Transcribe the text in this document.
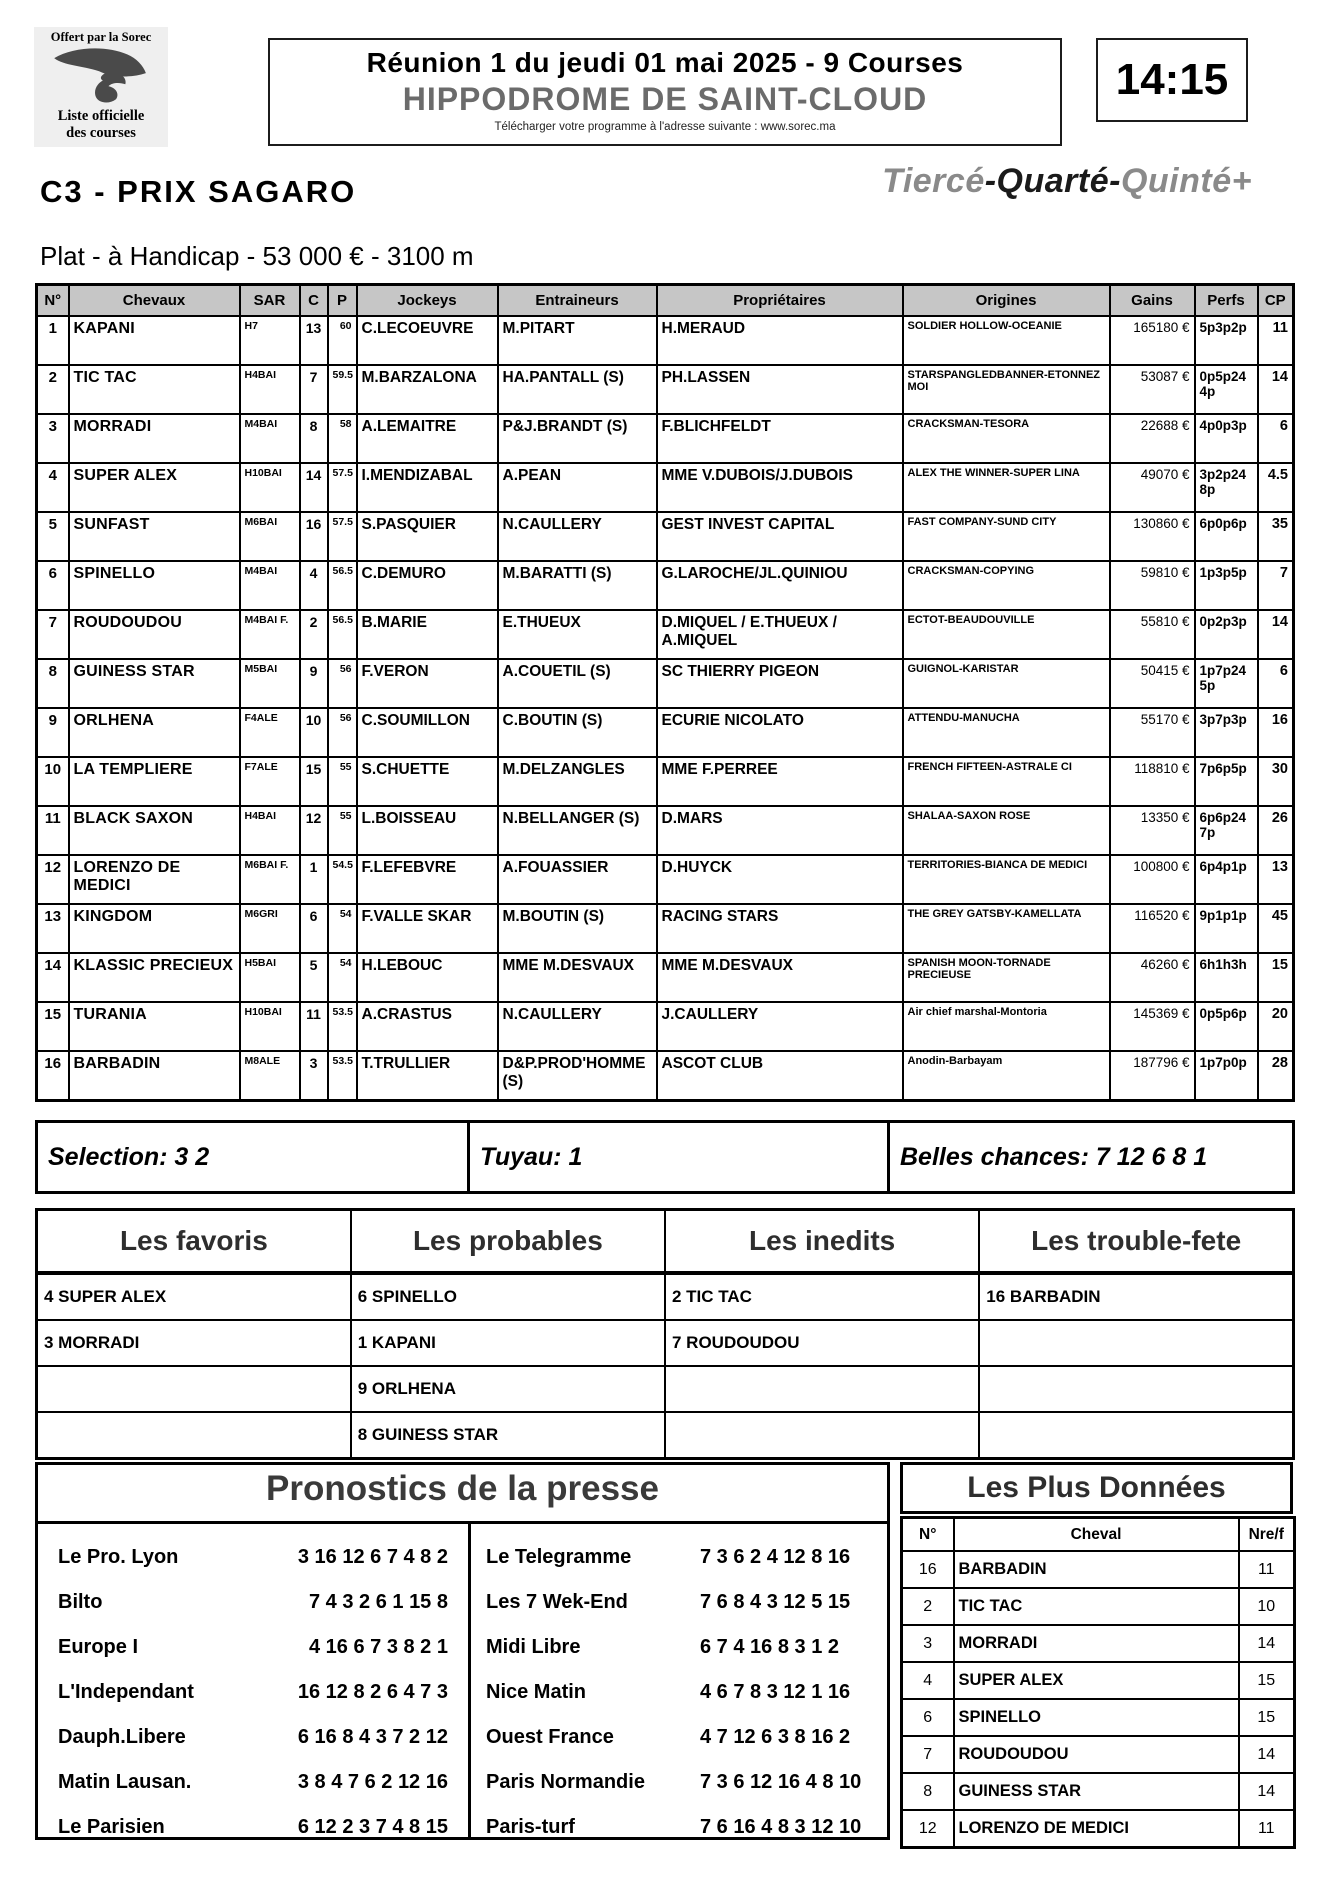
Offert par la Sorec
Liste officielle
des courses
Réunion 1 du jeudi 01 mai 2025 - 9 Courses
HIPPODROME DE SAINT-CLOUD
Télécharger votre programme à l'adresse suivante : www.sorec.ma
14:15
C3 - PRIX SAGARO	Tiercé-Quarté-Quinté+
Plat - à Handicap - 53 000 € - 3100 m
N°	Chevaux	SAR	C	P	Jockeys	Entraineurs	Propriétaires	Origines	Gains	Perfs	CP
1	KAPANI	H7	13	60	C.LECOEUVRE	M.PITART	H.MERAUD	SOLDIER HOLLOW-OCEANIE	165180 €	5p3p2p	11
2	TIC TAC	H4BAI	7	59.5	M.BARZALONA	HA.PANTALL (S)	PH.LASSEN	STARSPANGLEDBANNER-ETONNEZ MOI	53087 €	0p5p244p	14
3	MORRADI	M4BAI	8	58	A.LEMAITRE	P&J.BRANDT (S)	F.BLICHFELDT	CRACKSMAN-TESORA	22688 €	4p0p3p	6
4	SUPER ALEX	H10BAI	14	57.5	I.MENDIZABAL	A.PEAN	MME V.DUBOIS/J.DUBOIS	ALEX THE WINNER-SUPER LINA	49070 €	3p2p248p	4.5
5	SUNFAST	M6BAI	16	57.5	S.PASQUIER	N.CAULLERY	GEST INVEST CAPITAL	FAST COMPANY-SUND CITY	130860 €	6p0p6p	35
6	SPINELLO	M4BAI	4	56.5	C.DEMURO	M.BARATTI (S)	G.LAROCHE/JL.QUINIOU	CRACKSMAN-COPYING	59810 €	1p3p5p	7
7	ROUDOUDOU	M4BAI F.	2	56.5	B.MARIE	E.THUEUX	D.MIQUEL / E.THUEUX / A.MIQUEL	ECTOT-BEAUDOUVILLE	55810 €	0p2p3p	14
8	GUINESS STAR	M5BAI	9	56	F.VERON	A.COUETIL (S)	SC THIERRY PIGEON	GUIGNOL-KARISTAR	50415 €	1p7p245p	6
9	ORLHENA	F4ALE	10	56	C.SOUMILLON	C.BOUTIN (S)	ECURIE NICOLATO	ATTENDU-MANUCHA	55170 €	3p7p3p	16
10	LA TEMPLIERE	F7ALE	15	55	S.CHUETTE	M.DELZANGLES	MME F.PERREE	FRENCH FIFTEEN-ASTRALE CI	118810 €	7p6p5p	30
11	BLACK SAXON	H4BAI	12	55	L.BOISSEAU	N.BELLANGER (S)	D.MARS	SHALAA-SAXON ROSE	13350 €	6p6p247p	26
12	LORENZO DE MEDICI	M6BAI F.	1	54.5	F.LEFEBVRE	A.FOUASSIER	D.HUYCK	TERRITORIES-BIANCA DE MEDICI	100800 €	6p4p1p	13
13	KINGDOM	M6GRI	6	54	F.VALLE SKAR	M.BOUTIN (S)	RACING STARS	THE GREY GATSBY-KAMELLATA	116520 €	9p1p1p	45
14	KLASSIC PRECIEUX	H5BAI	5	54	H.LEBOUC	MME M.DESVAUX	MME M.DESVAUX	SPANISH MOON-TORNADE PRECIEUSE	46260 €	6h1h3h	15
15	TURANIA	H10BAI	11	53.5	A.CRASTUS	N.CAULLERY	J.CAULLERY	Air chief marshal-Montoria	145369 €	0p5p6p	20
16	BARBADIN	M8ALE	3	53.5	T.TRULLIER	D&P.PROD'HOMME (S)	ASCOT CLUB	Anodin-Barbayam	187796 €	1p7p0p	28
Selection: 3 2	Tuyau: 1	Belles chances: 7 12 6 8 1
Les favoris	Les probables	Les inedits	Les trouble-fete
4 SUPER ALEX	6 SPINELLO	2 TIC TAC	16 BARBADIN
3 MORRADI	1 KAPANI	7 ROUDOUDOU	
	9 ORLHENA		
	8 GUINESS STAR		
Pronostics de la presse
Le Pro. Lyon	3 16 12 6 7 4 8 2
Bilto	7 4 3 2 6 1 15 8
Europe I	4 16 6 7 3 8 2 1
L'Independant	16 12 8 2 6 4 7 3
Dauph.Libere	6 16 8 4 3 7 2 12
Matin Lausan.	3 8 4 7 6 2 12 16
Le Parisien	6 12 2 3 7 4 8 15
Le Telegramme	7 3 6 2 4 12 8 16
Les 7 Wek-End	7 6 8 4 3 12 5 15
Midi Libre	6 7 4 16 8 3 1 2
Nice Matin	4 6 7 8 3 12 1 16
Ouest France	4 7 12 6 3 8 16 2
Paris Normandie	7 3 6 12 16 4 8 10
Paris-turf	7 6 16 4 8 3 12 10
Les Plus Données
N°	Cheval	Nre/f
16	BARBADIN	11
2	TIC TAC	10
3	MORRADI	14
4	SUPER ALEX	15
6	SPINELLO	15
7	ROUDOUDOU	14
8	GUINESS STAR	14
12	LORENZO DE MEDICI	11
